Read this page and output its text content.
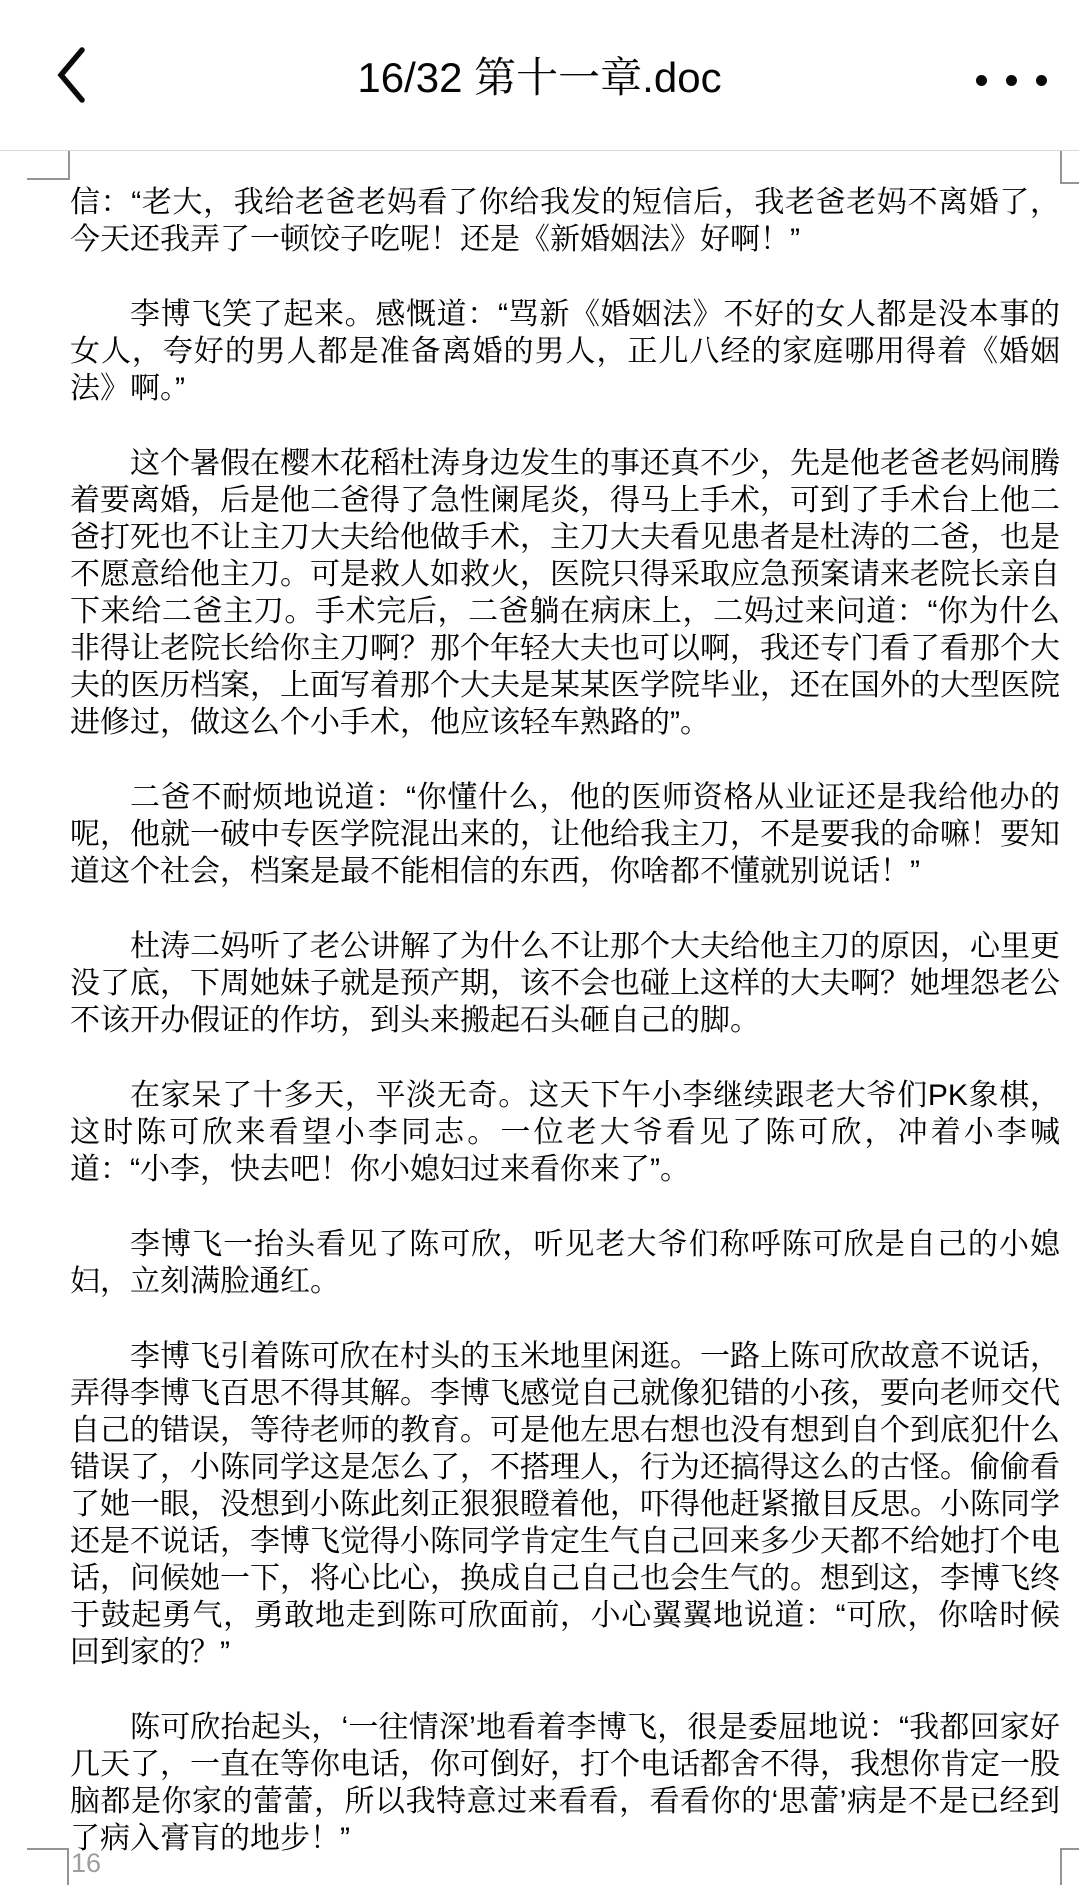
16/32 第十一章.doc

信：“老大，我给老爸老妈看了你给我发的短信后，我老爸老妈不离婚了，今天还我弄了一顿饺子吃呢！还是《新婚姻法》好啊！”

李博飞笑了起来。感慨道：“骂新《婚姻法》不好的女人都是没本事的女人，夸好的男人都是准备离婚的男人，正儿八经的家庭哪用得着《婚姻法》啊。”

这个暑假在樱木花稻杜涛身边发生的事还真不少，先是他老爸老妈闹腾着要离婚，后是他二爸得了急性阑尾炎，得马上手术，可到了手术台上他二爸打死也不让主刀大夫给他做手术，主刀大夫看见患者是杜涛的二爸，也是不愿意给他主刀。可是救人如救火，医院只得采取应急预案请来老院长亲自下来给二爸主刀。手术完后，二爸躺在病床上，二妈过来问道：“你为什么非得让老院长给你主刀啊？那个年轻大夫也可以啊，我还专门看了看那个大夫的医历档案，上面写着那个大夫是某某医学院毕业，还在国外的大型医院进修过，做这么个小手术，他应该轻车熟路的”。

二爸不耐烦地说道：“你懂什么，他的医师资格从业证还是我给他办的呢，他就一破中专医学院混出来的，让他给我主刀，不是要我的命嘛！要知道这个社会，档案是最不能相信的东西，你啥都不懂就别说话！”

杜涛二妈听了老公讲解了为什么不让那个大夫给他主刀的原因，心里更没了底，下周她妹子就是预产期，该不会也碰上这样的大夫啊？她埋怨老公不该开办假证的作坊，到头来搬起石头砸自己的脚。

在家呆了十多天，平淡无奇。这天下午小李继续跟老大爷们PK象棋，这时陈可欣来看望小李同志。一位老大爷看见了陈可欣，冲着小李喊道：“小李，快去吧！你小媳妇过来看你来了”。

李博飞一抬头看见了陈可欣，听见老大爷们称呼陈可欣是自己的小媳妇，立刻满脸通红。

李博飞引着陈可欣在村头的玉米地里闲逛。一路上陈可欣故意不说话，弄得李博飞百思不得其解。李博飞感觉自己就像犯错的小孩，要向老师交代自己的错误，等待老师的教育。可是他左思右想也没有想到自个到底犯什么错误了，小陈同学这是怎么了，不搭理人，行为还搞得这么的古怪。偷偷看了她一眼，没想到小陈此刻正狠狠瞪着他，吓得他赶紧撤目反思。小陈同学还是不说话，李博飞觉得小陈同学肯定生气自己回来多少天都不给她打个电话，问候她一下，将心比心，换成自己自己也会生气的。想到这，李博飞终于鼓起勇气，勇敢地走到陈可欣面前，小心翼翼地说道：“可欣，你啥时候回到家的？”

陈可欣抬起头，‘一往情深’地看着李博飞，很是委屈地说：“我都回家好几天了，一直在等你电话，你可倒好，打个电话都舍不得，我想你肯定一股脑都是你家的蕾蕾，所以我特意过来看看，看看你的‘思蕾’病是不是已经到了病入膏肓的地步！”

16
